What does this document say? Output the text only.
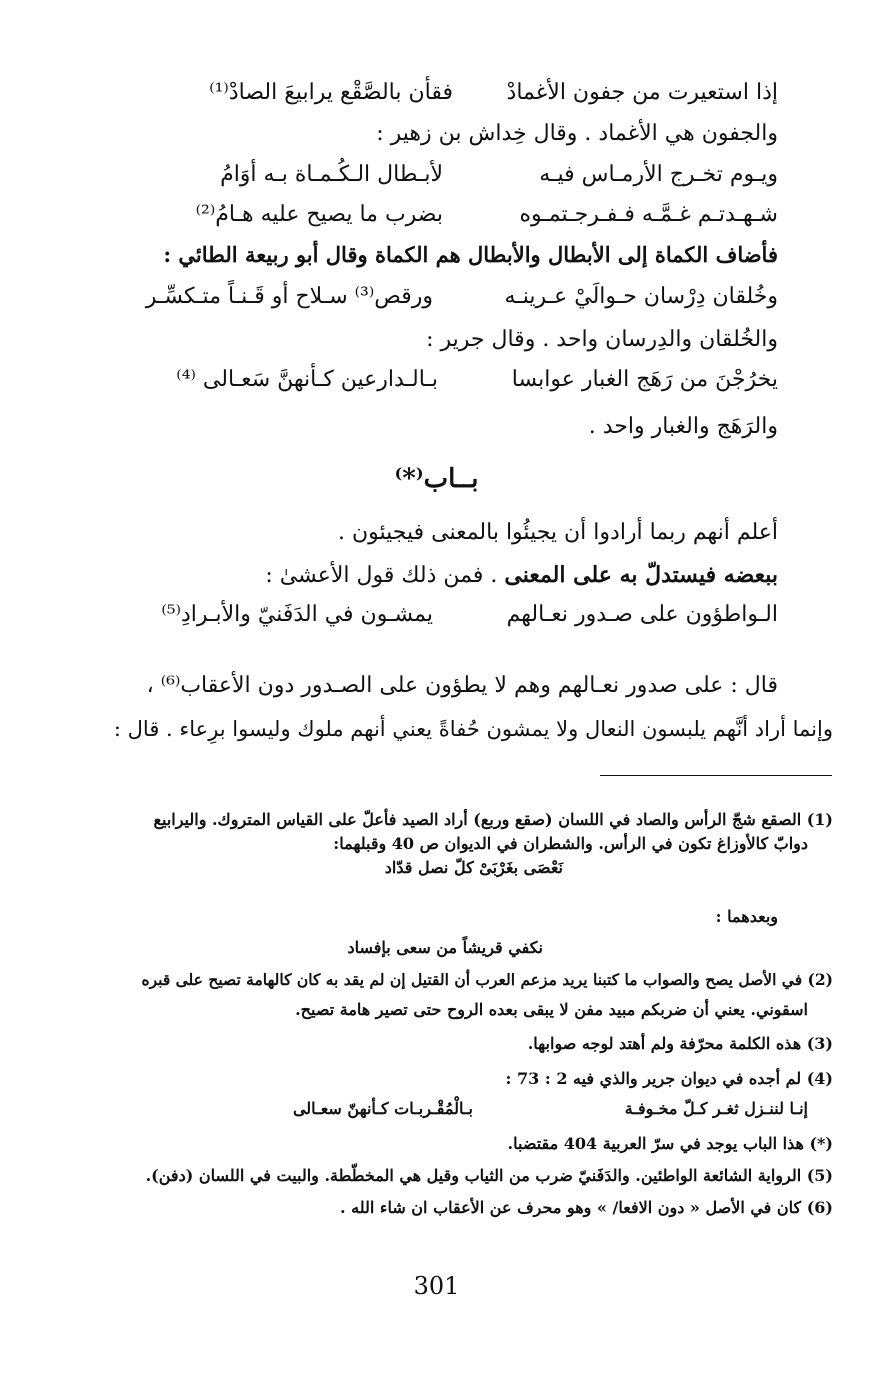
إذا استعيرت من جفون الأغمادْ
فقأن بالصَّقْع يرابيعَ الصادْ⁽¹⁾
والجفون هي الأغماد . وقال خِداش بن زهير :
ويـوم تخـرج الأرمـاس فيـه
لأبـطال الـكُـمـاة بـه أوَامُ
شـهـدتـم غـمَّـه فـفـرجـتمـوه
بضرب ما يصيح عليه هـامُ⁽²⁾
فأضاف الكماة إلى الأبطال والأبطال هم الكماة وقال أبو ربيعة الطائي :
وخُلقان دِرْسان حـوالَيْ عـرينـه
ورقص⁽³⁾ سـلاح أو قَـنـاً متـكسِّـر
والخُلقان والدِرسان واحد . وقال جرير :
يخرُجْنَ من رَهَج الغبار عوابسا
بـالـدارعين كـأنهنَّ سَعـالى ⁽⁴⁾
والرَهَج والغبار واحد .
بــاب⁽*⁾
أعلم أنهم ربما أرادوا أن يجيئُوا بالمعنى فيجيئون .
ببعضه فيستدلّ به على المعنى . فمن ذلك قول الأعشىٰ :
الـواطؤون على صـدور نعـالهم
يمشـون في الدَفَنيّ والأبـرادِ⁽⁵⁾
قال : على صدور نعـالهم وهم لا يطؤون على الصـدور دون الأعقاب⁽⁶⁾ ،
وإنما أراد أنَّهم يلبسون النعال ولا يمشون حُفاةً يعني أنهم ملوك وليسوا برِعاء . قال :
(1) الصقع شجّ الرأس والصاد في اللسان (صقع وربع) أراد الصيد فأعلّ على القياس المتروك. واليرابيع
دوابّ كالأوزاغ تكون في الرأس. والشطران في الديوان ص 40 وقبلهما:
نَعْصَى بغَرْبَىْ كلّ نصل قدّاد
وبعدهما :
نكفي قريشاً من سعى بإفساد
(2) في الأصل يصح والصواب ما كتبنا يريد مزعم العرب أن القتيل إن لم يقد به كان كالهامة تصيح على قبره
اسقوني. يعني أن ضربكم مبيد مفن لا يبقى بعده الروح حتى تصير هامة تصيح.
(3) هذه الكلمة محرّفة ولم أهتد لوجه صوابها.
(4) لم أجده في ديوان جرير والذي فيه 2 : 73 :
إنـا لننـزل ثغـر كـلّ مخـوفـة
بـالْمُقْـربـات كـأنهنّ سعـالى
(*) هذا الباب يوجد في سرّ العربية 404 مقتضبا.
(5) الرواية الشائعة الواطئين. والدَفَنيّ ضرب من الثياب وقيل هي المخطّطة. والبيت في اللسان (دفن).
(6) كان في الأصل « دون الافعا/ » وهو محرف عن الأعقاب ان شاء الله .
301
